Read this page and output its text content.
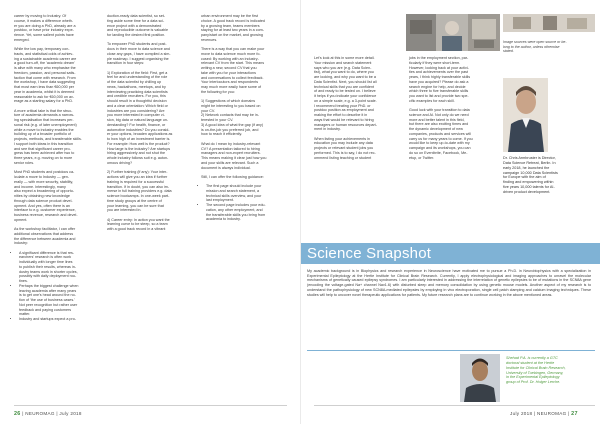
career by moving to Industry. Of
course, it makes a difference wheth-
er you are doing a PhD, already are a
postdoc, or have prior industry expe-
rience. Yet, some salient points have
emerged.

While the low pay, temporary con-
tracts, and statistical odds of achiev-
ing a sustainable academic career are
a good turn-off, the 'academic dream'
is alive with many who emphasise the
freedom, passion, and personal satis-
faction that come with research. From
the workshop, I have data suggesting
that most earn less than €60,000 per
year in academia, whilst it is deemed
reasonable to ask for €60,000 on av-
erage as a starting salary for a PhD.

A more critical take is that the struc-
ture of academia demands a narrow-
ing specialisation that increases per-
sonal risk (e.g. of later unemployment)
while a move to industry enables the
building up of a broader portfolio of
projects, methods, and transferable skills.
I support both ideas in this transition
and see that significant career pro-
gress has been achieved after two to
three years, e.g. moving on to more
senior roles.

Most PhD students and postdocs ca-
lculate a move to Industry — gen-
erally — with more security, stability,
and income. Interestingly, many
also expect a broadening of opportu-
nities by obtaining new knowledge
through data science product devel-
opment. And yes, often there is an
interface to e.g. customer experience,
business revenue, research and devel-
opment.

As the workshop facilitator, I can offer
additional observations that address
the difference between academia and
industry:

• A significant difference is that res-
earchers' research is often work
individually with longer time lines
to publish their results, whereas in-
dustry teams work in shorter cycles,
possibly with daily deployment rou-
tines.
• Perhaps the biggest challenge when
leaving academia after many years
is to get one's head around the no-
tion of 'the use of business cases.'
Not peer recognition but rather user
feedback and paying customers
matter.
• Industry and startups expect a pro-

duction-ready data scientist, so set-
ting aside some time for a data sci-
ence project with a demonstrated
and reproducible outcome is valuable
for landing the desired first position.

To empower PhD students and post-
docs in their move to data science and
close any gaps, I have compiled a sim-
ple roadmap. I suggest organising the
transition in four steps:

1) Exploration of the field: First, get a
feel for and understanding of the role
of the data scientist by chilling up
news, hackathons, meetups, and by
interviewing practicing data scientists
and credible recruiters. For you, this
should result in a thoughtful decision
and a clear orientation: Which field or
industries are you considering? Are
you more interested in computer vi-
sion, big data or natural language un-
derstanding? For health, finance, or
automotive industries? Do you consid-
er your options, broaden applications as
to how high of an investment barrier is.
For example: How well is the product?
How large is the industry? Are startups
hiring aggressively and not shut the
whole industry follows suit e.g. auton-
omous driving?

2) Further training (if any): Your inter-
actions will give you an idea if further
training is required for a successful
transition. If in doubt, you can also im-
merse in full training providers e.g. data
science bootcamps. In one-week part-
time study groups at the centre of
your learning, you can be sure that
you are interested in.

4) Career entry: In action you want the
learning curve to be steep, so a team
with a good track record in a vibrant

urban environment may be the first
choice. A good track record is indicated
by a growing team, teams members
staying for at least two years in a com-
pany/start on the market, and growing
revenues.

There is a way that you can make your
move to data science much more fo-
cused: By working with an industry-
relevant CV from the start. This means
writing a new, second CV that you
take with you for your interactions
and conversations to collect feedback.
Your interlocutors and respondents
may much more easily have some of
the following for you:

1) Suggestions of which domains
might be interesting to you based on
your CV.
2) Network contacts that may be in-
terested in your CV.
3) A good idea of what the gap (if any)
is on-the-job you preferred job, and
how to reach it efficiently.

What do I mean by industry-relevant
CV? A presentation tailored to hiring
managers and non-expert recruiters.
This means making it clear just how you
and your skills are relevant. Such a
document is always individual.

Still, I can offer the following guidance:

• The first page should include your
mission and search statement, a
technical skills overview, and your
last employment.
• The second page includes your edu-
cation, any other employment, and
the transferable skills you bring from
academia to industry.
26 | NEUROMAG | July 2018

Let's look at this in some more detail.
Your mission and search statement
says who you are (e.g. Data Scien-
tist), what you want to do, where you
are looking, and why you want to be a
Data Scientist. Next, you should list all
technical skills that you are confident
of and ready to be tested on. I believe
it helps if you indicate your confidence
on a simple scale, e.g. a 3-point scale.
I recommend treating your PhD. or
postdoc position as employment and
making the effort to describe it in
ways that would be relevant to hiring
managers or human resources depart-
ment in industry.

When listing your achievements in
education you may include any data
projects or relevant student jobs you
performed. This is to say, I do not rec-
ommend listing teaching or student

jobs in the employment section, par-
ticularly if they were short-term.
However, looking back at your activi-
ties and achievements over the past
years, I think highly transferable skills
have you acquired? Please do ask a
search engine for help, and decide
which three to five transferable skills
you want to list and provide two spe-
cific examples for each skill.

Good luck with your transition to data
science and AI. Not only do we need
more and better talent in this field,
but there are also exciting times and
the dynamic development of new
companies, products and services will
carry us for many years to come. If you
would like to keep up-to-date with my
campaign and its workshops, you can
do so on Eventbrite, Facebook, Me-
etup, or Twitter.

Image sources were open source or be-
long to the author, unless otherwise
stated.
Dr. Chris Armbruster is Director,
Data Science Retreat, Berlin. In
early 2018, he launched the
campaign 10,000 Data Scientists
for Europe with the aim of
finding and empowering within
five years 10,000 talents for AI-
driven product development.
Science Snapshot
My academic background is in Biophysics and research experience in Neuroscience have motivated me to pursue a Ph.D. in Neurobiophysics with a specialization in Experimental Epileptology at the Hertie Institute for Clinical Brain Research. Currently, I apply electrophysiological and imaging approaches to unravel the molecular mechanisms of genetically caused epilepsy syndromes. I am particularly interested in addressing the interrelation of genetic epilepsies to be of mutations in the SCN8A gene (encoding the voltage-gated Na+ channel Nav1.6) with disturbed sleep and memory consolidation by using genetic mouse models. Another aspect of my research is to understand the pathophysiology of new SCN8A-mediated epilepsies by employing in vivo electroporation, single cell patch clamping and calcium imaging techniques. These studies will help to uncover novel therapeutic applications for patients. My future research plans are to continue working in the above mentioned areas.
Shehad P.A. is currently a GTC
doctoral student at the Hertie
Institute for Clinical Brain Research,
University of Tuebingen, Germany,
in the Experimental Epileptology
group of Prof. Dr. Holger Lerche.
July 2018 | NEUROMAG | 27
